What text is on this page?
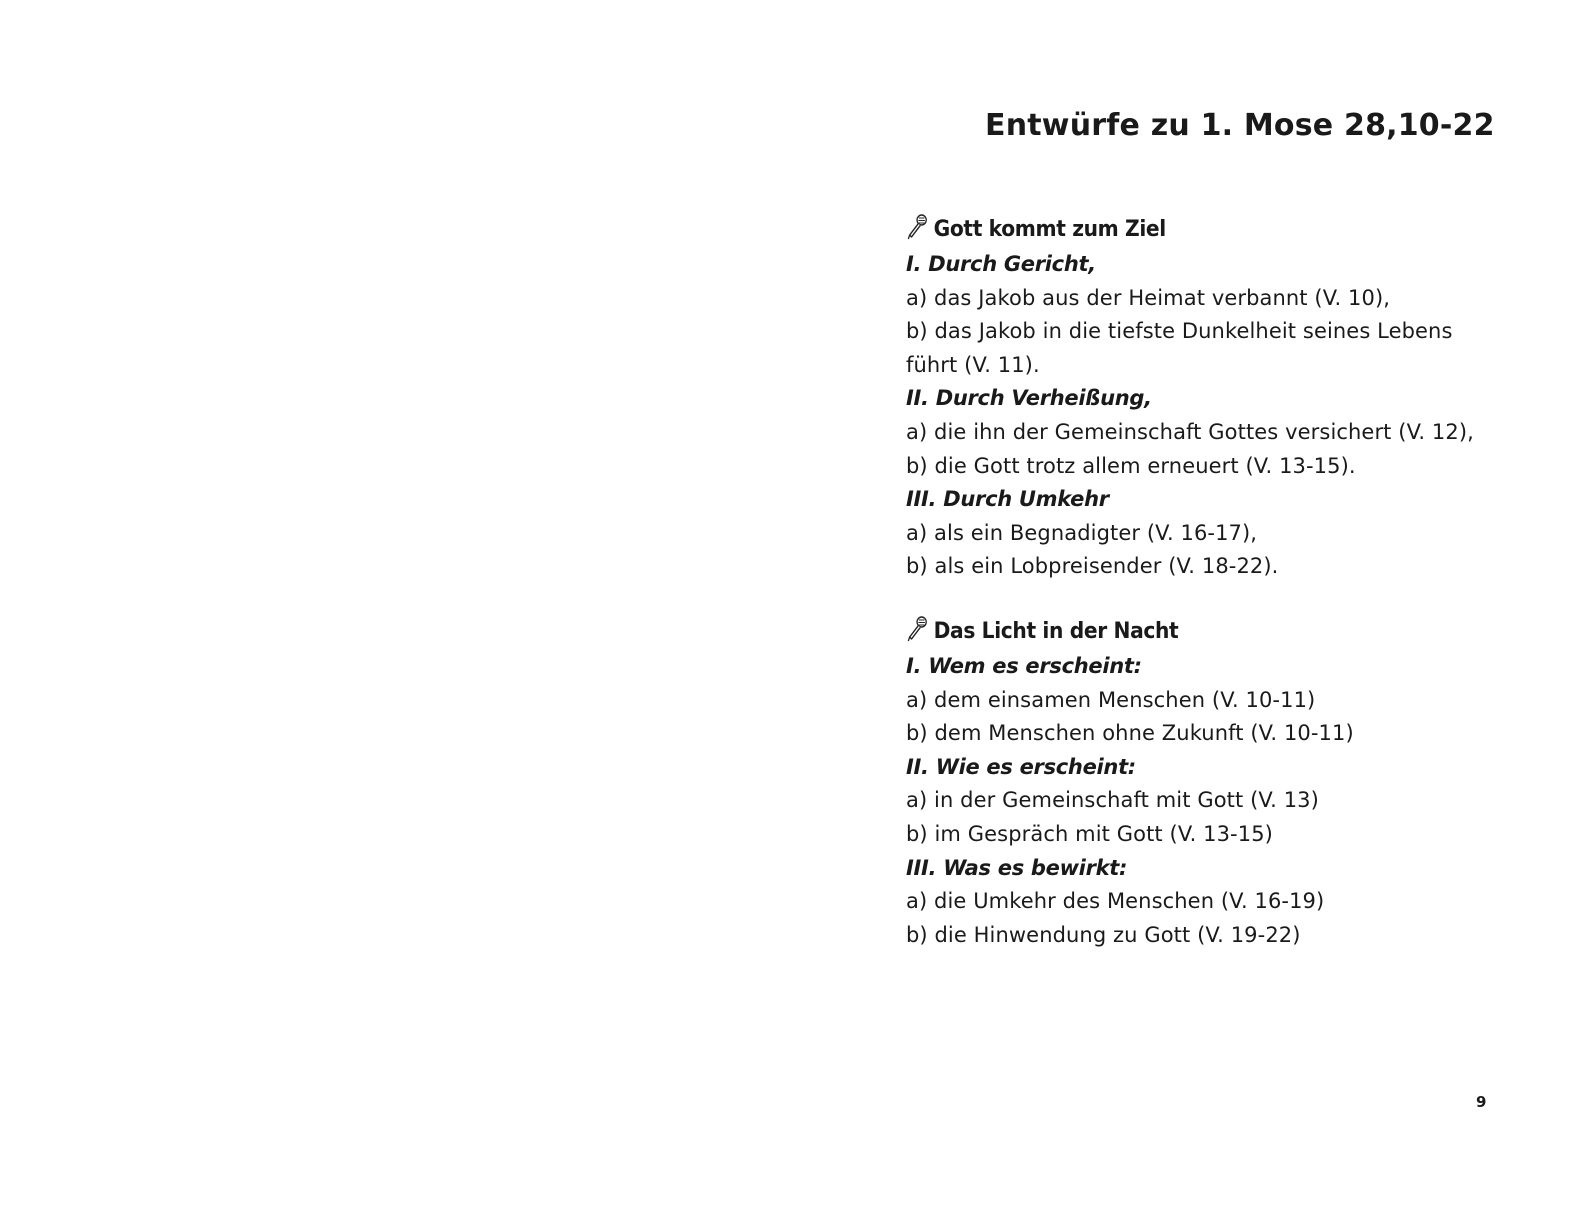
Entwürfe zu 1. Mose 28,10-22
Gott kommt zum Ziel
I. Durch Gericht,
a) das Jakob aus der Heimat verbannt (V. 10),
b) das Jakob in die tiefste Dunkelheit seines Lebens führt (V. 11).
II. Durch Verheißung,
a) die ihn der Gemeinschaft Gottes versichert (V. 12),
b) die Gott trotz allem erneuert (V. 13-15).
III. Durch Umkehr
a) als ein Begnadigter (V. 16-17),
b) als ein Lobpreisender (V. 18-22).
Das Licht in der Nacht
I. Wem es erscheint:
a) dem einsamen Menschen (V. 10-11)
b) dem Menschen ohne Zukunft (V. 10-11)
II. Wie es erscheint:
a) in der Gemeinschaft mit Gott (V. 13)
b) im Gespräch mit Gott (V. 13-15)
III. Was es bewirkt:
a) die Umkehr des Menschen (V. 16-19)
b) die Hinwendung zu Gott (V. 19-22)
9
